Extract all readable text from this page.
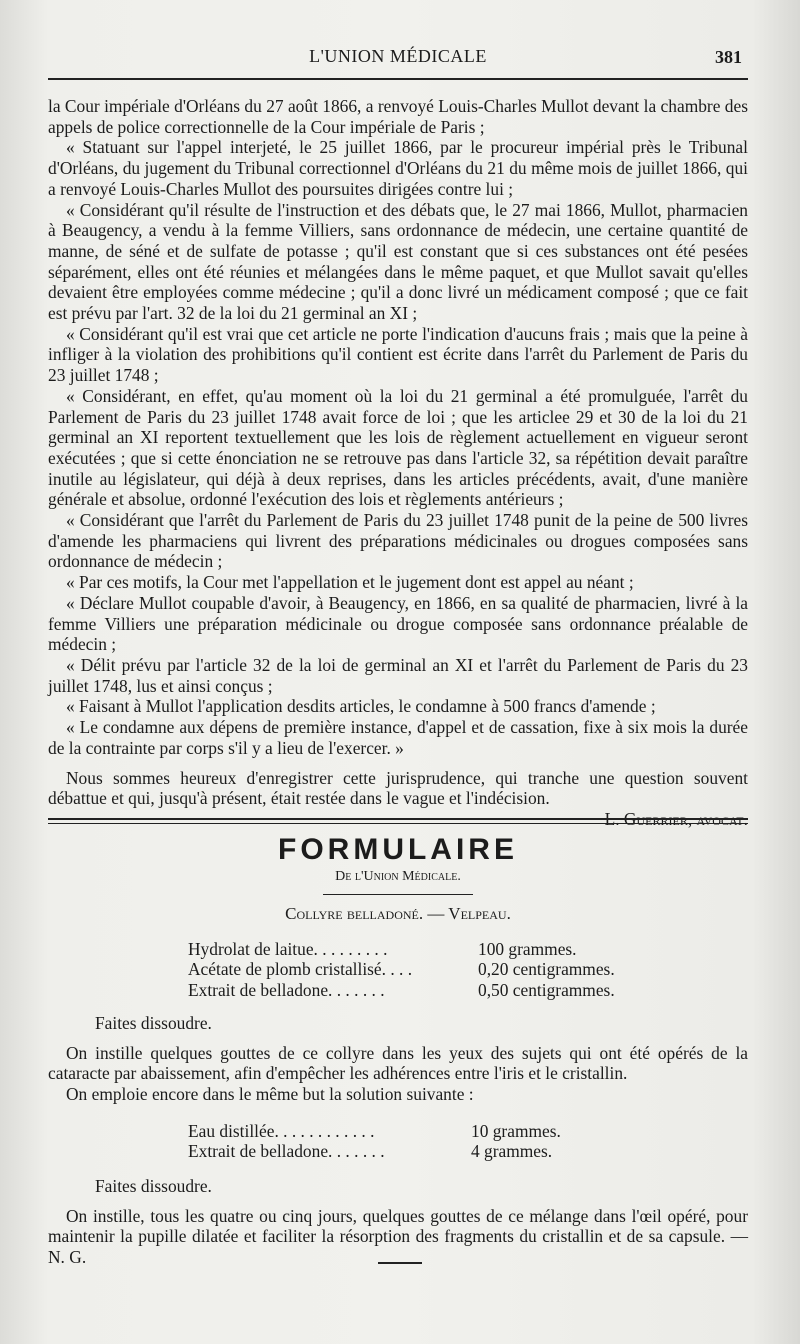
L'UNION MÉDICALE	381

la Cour impériale d'Orléans du 27 août 1866, a renvoyé Louis-Charles Mullot devant la chambre des appels de police correctionnelle de la Cour impériale de Paris ;

« Statuant sur l'appel interjeté, le 25 juillet 1866, par le procureur impérial près le Tribunal d'Orléans, du jugement du Tribunal correctionnel d'Orléans du 21 du même mois de juillet 1866, qui a renvoyé Louis-Charles Mullot des poursuites dirigées contre lui ;

« Considérant qu'il résulte de l'instruction et des débats que, le 27 mai 1866, Mullot, pharmacien à Beaugency, a vendu à la femme Villiers, sans ordonnance de médecin, une certaine quantité de manne, de séné et de sulfate de potasse ; qu'il est constant que si ces substances ont été pesées séparément, elles ont été réunies et mélangées dans le même paquet, et que Mullot savait qu'elles devaient être employées comme médecine ; qu'il a donc livré un médicament composé ; que ce fait est prévu par l'art. 32 de la loi du 21 germinal an XI ;

« Considérant qu'il est vrai que cet article ne porte l'indication d'aucuns frais ; mais que la peine à infliger à la violation des prohibitions qu'il contient est écrite dans l'arrêt du Parlement de Paris du 23 juillet 1748 ;

« Considérant, en effet, qu'au moment où la loi du 21 germinal a été promulguée, l'arrêt du Parlement de Paris du 23 juillet 1748 avait force de loi ; que les articlee 29 et 30 de la loi du 21 germinal an XI reportent textuellement que les lois de règlement actuellement en vigueur seront exécutées ; que si cette énonciation ne se retrouve pas dans l'article 32, sa répétition devait paraître inutile au législateur, qui déjà à deux reprises, dans les articles précédents, avait, d'une manière générale et absolue, ordonné l'exécution des lois et règlements antérieurs ;

« Considérant que l'arrêt du Parlement de Paris du 23 juillet 1748 punit de la peine de 500 livres d'amende les pharmaciens qui livrent des préparations médicinales ou drogues composées sans ordonnance de médecin ;

« Par ces motifs, la Cour met l'appellation et le jugement dont est appel au néant ;

« Déclare Mullot coupable d'avoir, à Beaugency, en 1866, en sa qualité de pharmacien, livré à la femme Villiers une préparation médicinale ou drogue composée sans ordonnance préalable de médecin ;

« Délit prévu par l'article 32 de la loi de germinal an XI et l'arrêt du Parlement de Paris du 23 juillet 1748, lus et ainsi conçus ;

« Faisant à Mullot l'application desdits articles, le condamne à 500 francs d'amende ;

« Le condamne aux dépens de première instance, d'appel et de cassation, fixe à six mois la durée de la contrainte par corps s'il y a lieu de l'exercer. »

Nous sommes heureux d'enregistrer cette jurisprudence, qui tranche une question souvent débattue et qui, jusqu'à présent, était restée dans le vague et l'indécision.

L. Guerrier, avocat.

FORMULAIRE
De l'Union Médicale.
Collyre belladoné. — Velpeau.
Hydrolat de laitue. . . . . . . . .	100 grammes.
Acétate de plomb cristallisé. . . .	0,20 centigrammes.
Extrait de belladone. . . . . . .	0,50 centigrammes.

Faites dissoudre.

On instille quelques gouttes de ce collyre dans les yeux des sujets qui ont été opérés de la cataracte par abaissement, afin d'empêcher les adhérences entre l'iris et le cristallin.

On emploie encore dans le même but la solution suivante :

Eau distillée. . . . . . . . . . . .	10 grammes.
Extrait de belladone. . . . . . .	4 grammes.

Faites dissoudre.

On instille, tous les quatre ou cinq jours, quelques gouttes de ce mélange dans l'œil opéré, pour maintenir la pupille dilatée et faciliter la résorption des fragments du cristallin et de sa capsule. — N. G.
